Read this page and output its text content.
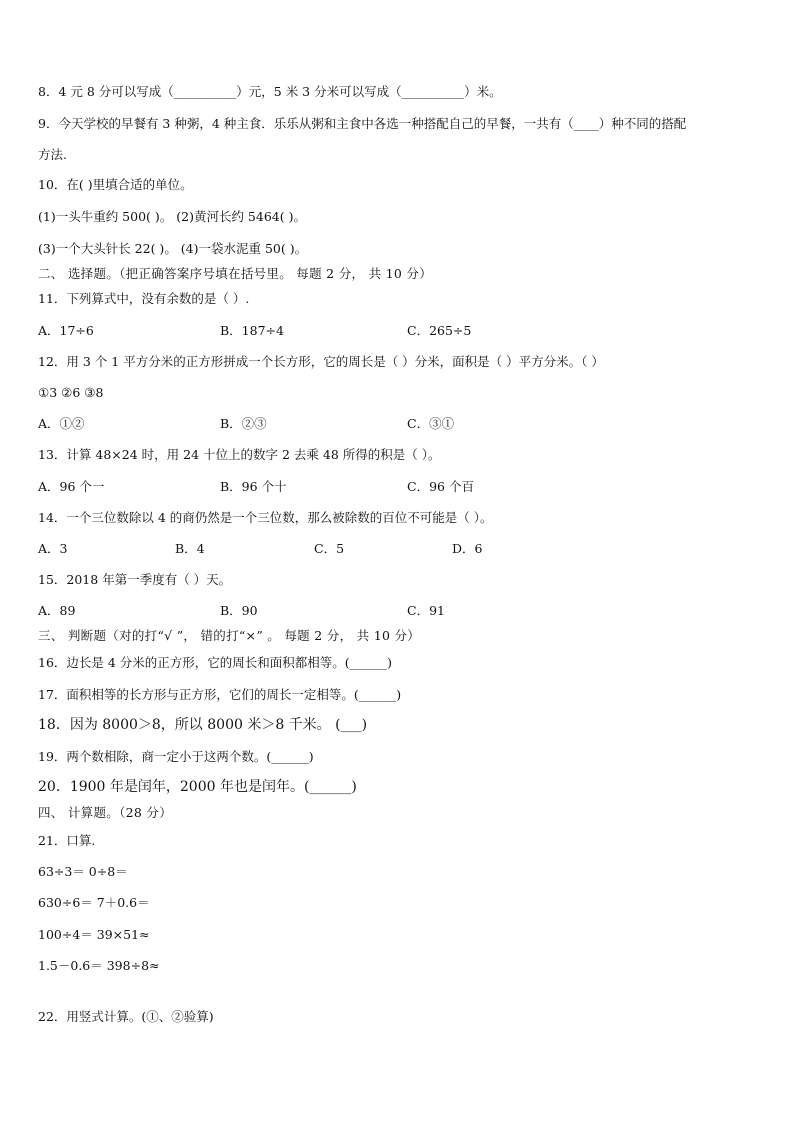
8．4 元 8 分可以写成（__________）元，5 米 3 分米可以写成（__________）米。
9．今天学校的早餐有 3 种粥，4 种主食．乐乐从粥和主食中各选一种搭配自己的早餐，一共有（____）种不同的搭配
方法.
10．在( )里填合适的单位。
(1)一头牛重约 500( )。 (2)黄河长约 5464( )。
(3)一个大头针长 22( )。 (4)一袋水泥重 50( )。
二、 选择题。（把正确答案序号填在括号里。 每题 2 分， 共 10 分）
11．下列算式中，没有余数的是（ ）.
A．17÷6	B．187÷4	C．265÷5
12．用 3 个 1 平方分米的正方形拼成一个长方形，它的周长是（ ）分米，面积是（ ）平方分米。（ ）
①3 ②6 ③8
A．①②	B．②③	C．③①
13．计算 48×24 时，用 24 十位上的数字 2 去乘 48 所得的积是（ ）。
A．96 个一	B．96 个十	C．96 个百
14．一个三位数除以 4 的商仍然是一个三位数，那么被除数的百位不可能是（ ）。
A．3	B．4	C．5	D．6
15．2018 年第一季度有（ ）天。
A．89	B．90	C．91
三、 判断题（对的打“√ ”， 错的打“×” 。 每题 2 分， 共 10 分）
16．边长是 4 分米的正方形，它的周长和面积都相等。(______)
17．面积相等的长方形与正方形，它们的周长一定相等。(______)
18．因为 8000＞8，所以 8000 米＞8 千米。 (___)
19．两个数相除，商一定小于这两个数。(______)
20．1900 年是闰年，2000 年也是闰年。(______)
四、 计算题。（28 分）
21．口算.
63÷3＝ 0÷8＝
630÷6＝ 7＋0.6＝
100÷4＝ 39×51≈
1.5－0.6＝ 398÷8≈
22．用竖式计算。(①、②验算)
